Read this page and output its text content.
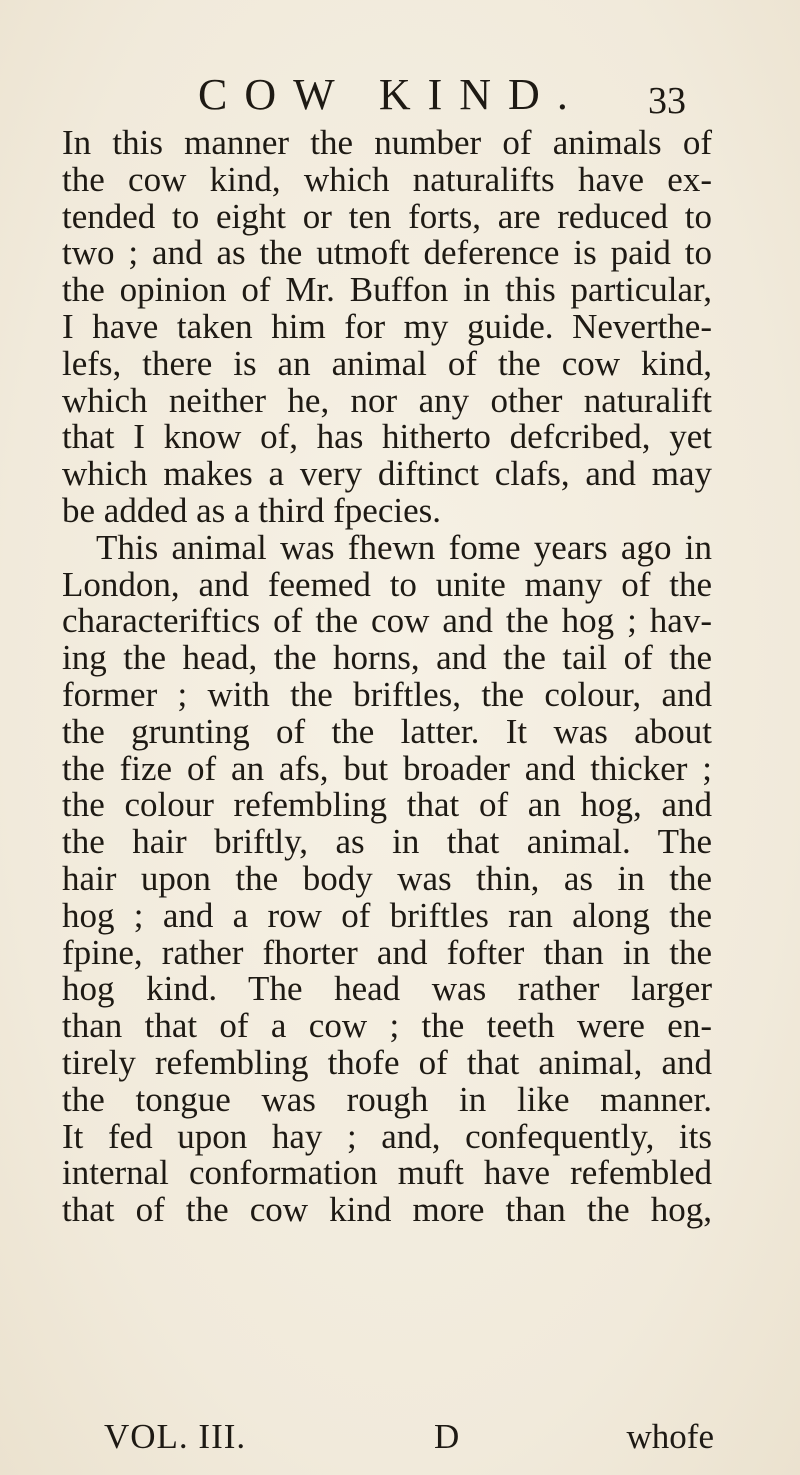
COW KIND. 33
In this manner the number of animals of
the cow kind, which naturalifts have ex-
tended to eight or ten forts, are reduced to
two ; and as the utmoft deference is paid to
the opinion of Mr. Buffon in this particular,
I have taken him for my guide. Neverthe-
lefs, there is an animal of the cow kind,
which neither he, nor any other naturalift
that I know of, has hitherto defcribed, yet
which makes a very diftinct clafs, and may
be added as a third fpecies.
This animal was fhewn fome years ago in
London, and feemed to unite many of the
characteriftics of the cow and the hog ; hav-
ing the head, the horns, and the tail of the
former ; with the briftles, the colour, and
the grunting of the latter. It was about
the fize of an afs, but broader and thicker ;
the colour refembling that of an hog, and
the hair briftly, as in that animal. The
hair upon the body was thin, as in the
hog ; and a row of briftles ran along the
fpine, rather fhorter and fofter than in the
hog kind. The head was rather larger
than that of a cow ; the teeth were en-
tirely refembling thofe of that animal, and
the tongue was rough in like manner.
It fed upon hay ; and, confequently, its
internal conformation muft have refembled
that of the cow kind more than the hog,
VOL. III.	D	whofe
